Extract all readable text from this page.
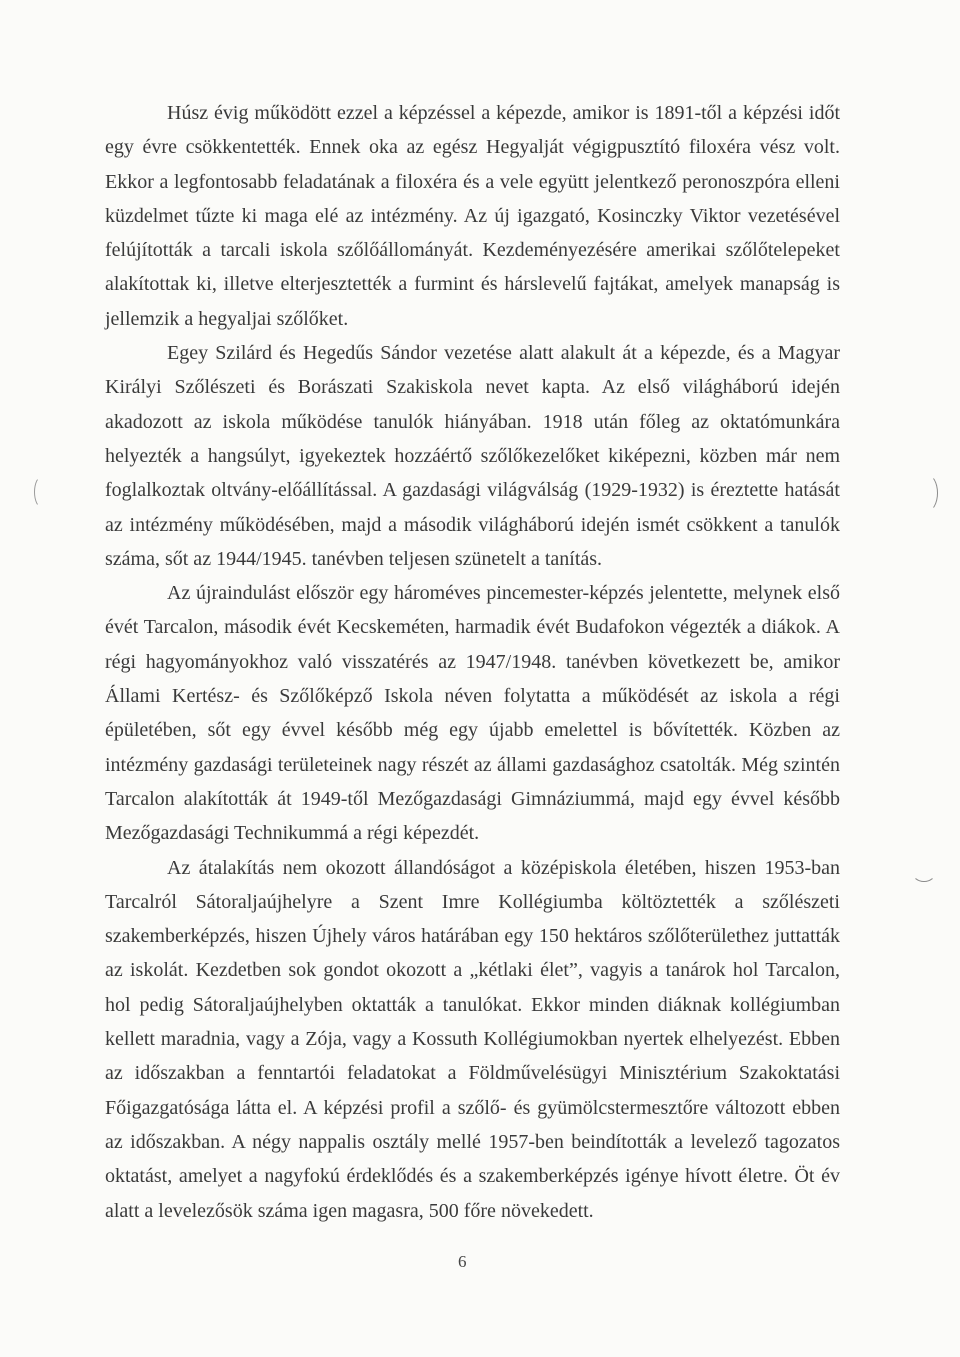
Húsz évig működött ezzel a képzéssel a képezde, amikor is 1891-től a képzési időt egy évre csökkentették. Ennek oka az egész Hegyalját végigpusztító filoxéra vész volt. Ekkor a legfontosabb feladatának a filoxéra és a vele együtt jelentkező peronoszpóra elleni küzdelmet tűzte ki maga elé az intézmény. Az új igazgató, Kosinczky Viktor vezetésével felújították a tarcali iskola szőlőállományát. Kezdeményezésére amerikai szőlőtelepeket alakítottak ki, illetve elterjesztették a furmint és hárslevelű fajtákat, amelyek manapság is jellemzik a hegyaljai szőlőket.

Egey Szilárd és Hegedűs Sándor vezetése alatt alakult át a képezde, és a Magyar Királyi Szőlészeti és Borászati Szakiskola nevet kapta. Az első világháború idején akadozott az iskola működése tanulók hiányában. 1918 után főleg az oktatómunkára helyezték a hangsúlyt, igyekeztek hozzáértő szőlőkezelőket kiképezni, közben már nem foglalkoztak oltvány-előállítással. A gazdasági világválság (1929-1932) is éreztette hatását az intézmény működésében, majd a második világháború idején ismét csökkent a tanulók száma, sőt az 1944/1945. tanévben teljesen szünetelt a tanítás.

Az újraindulást először egy hároméves pincemester-képzés jelentette, melynek első évét Tarcalon, második évét Kecskeméten, harmadik évét Budafokon végezték a diákok. A régi hagyományokhoz való visszatérés az 1947/1948. tanévben következett be, amikor Állami Kertész- és Szőlőképző Iskola néven folytatta a működését az iskola a régi épületében, sőt egy évvel később még egy újabb emelettel is bővítették. Közben az intézmény gazdasági területeinek nagy részét az állami gazdasághoz csatolták. Még szintén Tarcalon alakították át 1949-től Mezőgazdasági Gimnáziummá, majd egy évvel később Mezőgazdasági Technikummá a régi képezdét.

Az átalakítás nem okozott állandóságot a középiskola életében, hiszen 1953-ban Tarcalról Sátoraljaújhelyre a Szent Imre Kollégiumba költöztették a szőlészeti szakemberképzés, hiszen Újhely város határában egy 150 hektáros szőlőterülethez juttatták az iskolát. Kezdetben sok gondot okozott a „kétlaki élet”, vagyis a tanárok hol Tarcalon, hol pedig Sátoraljaújhelyben oktatták a tanulókat. Ekkor minden diáknak kollégiumban kellett maradnia, vagy a Zója, vagy a Kossuth Kollégiumokban nyertek elhelyezést. Ebben az időszakban a fenntartói feladatokat a Földművelésügyi Minisztérium Szakoktatási Főigazgatósága látta el. A képzési profil a szőlő- és gyümölcstermesztőre változott ebben az időszakban. A négy nappalis osztály mellé 1957-ben beindították a levelező tagozatos oktatást, amelyet a nagyfokú érdeklődés és a szakemberképzés igénye hívott életre. Öt év alatt a levelezősök száma igen magasra, 500 főre növekedett.

6
